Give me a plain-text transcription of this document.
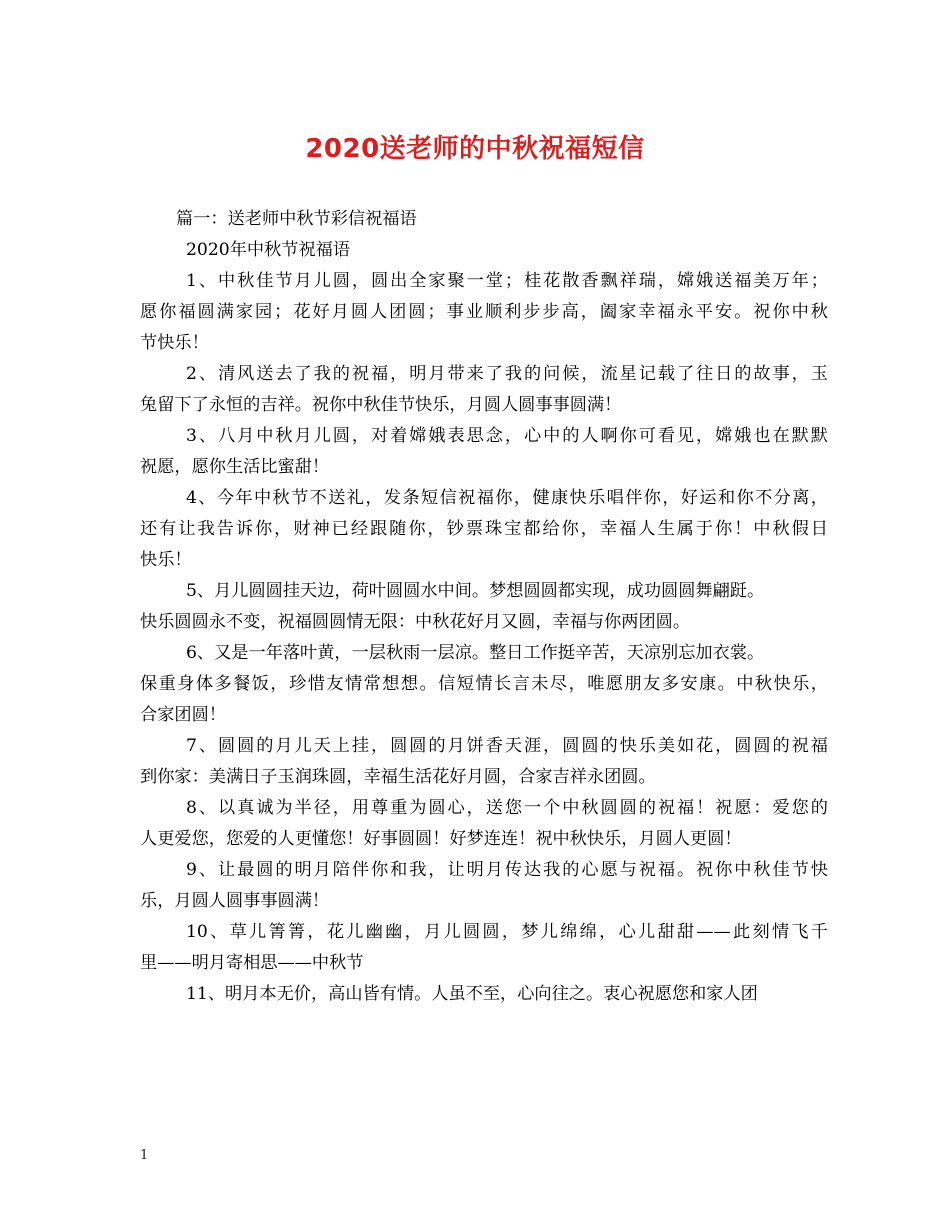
2020送老师的中秋祝福短信
篇一：送老师中秋节彩信祝福语
2020年中秋节祝福语
1、中秋佳节月儿圆，圆出全家聚一堂；桂花散香飘祥瑞，嫦娥送福美万年；
愿你福圆满家园；花好月圆人团圆；事业顺利步步高，阖家幸福永平安。祝你中秋
节快乐！
2、清风送去了我的祝福，明月带来了我的问候，流星记载了往日的故事，玉
兔留下了永恒的吉祥。祝你中秋佳节快乐，月圆人圆事事圆满！
3、八月中秋月儿圆，对着嫦娥表思念，心中的人啊你可看见，嫦娥也在默默
祝愿，愿你生活比蜜甜！
4、今年中秋节不送礼，发条短信祝福你，健康快乐唱伴你，好运和你不分离，
还有让我告诉你，财神已经跟随你，钞票珠宝都给你，幸福人生属于你！中秋假日
快乐！
5、月儿圆圆挂天边，荷叶圆圆水中间。梦想圆圆都实现，成功圆圆舞翩跹。
快乐圆圆永不变，祝福圆圆情无限：中秋花好月又圆，幸福与你两团圆。
6、又是一年落叶黄，一层秋雨一层凉。整日工作挺辛苦，天凉别忘加衣裳。
保重身体多餐饭，珍惜友情常想想。信短情长言未尽，唯愿朋友多安康。中秋快乐，
合家团圆！
7、圆圆的月儿天上挂，圆圆的月饼香天涯，圆圆的快乐美如花，圆圆的祝福
到你家：美满日子玉润珠圆，幸福生活花好月圆，合家吉祥永团圆。
8、以真诚为半径，用尊重为圆心，送您一个中秋圆圆的祝福！祝愿：爱您的
人更爱您，您爱的人更懂您！好事圆圆！好梦连连！祝中秋快乐，月圆人更圆！
9、让最圆的明月陪伴你和我，让明月传达我的心愿与祝福。祝你中秋佳节快
乐，月圆人圆事事圆满！
10、草儿箐箐，花儿幽幽，月儿圆圆，梦儿绵绵，心儿甜甜——此刻情飞千
里——明月寄相思——中秋节
11、明月本无价，高山皆有情。人虽不至，心向往之。衷心祝愿您和家人团
1
